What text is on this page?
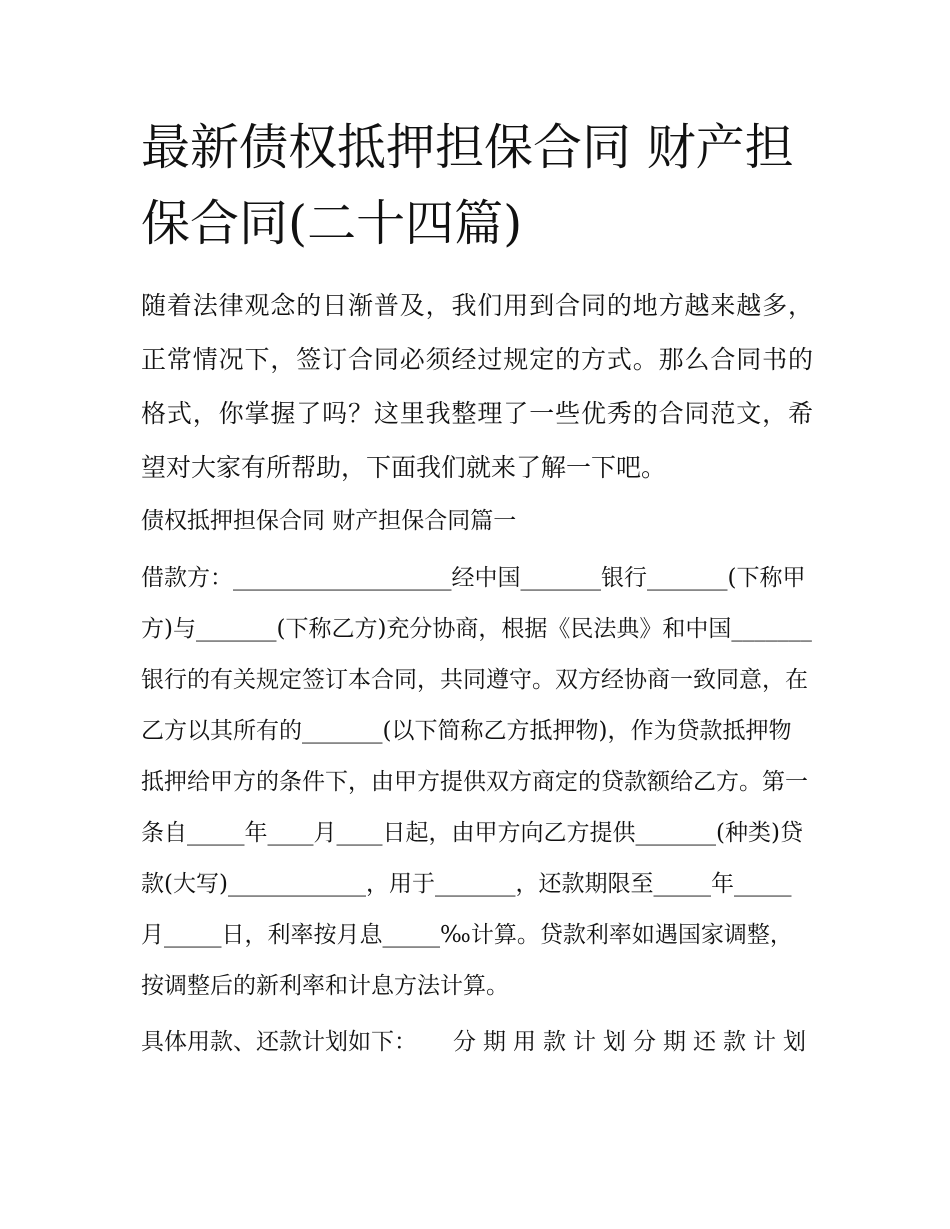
最新债权抵押担保合同 财产担保合同(二十四篇)

随着法律观念的日渐普及，我们用到合同的地方越来越多，正常情况下，签订合同必须经过规定的方式。那么合同书的格式，你掌握了吗？这里我整理了一些优秀的合同范文，希望对大家有所帮助，下面我们就来了解一下吧。

债权抵押担保合同 财产担保合同篇一

借款方：___________________经中国_______银行_______(下称甲方)与_______(下称乙方)充分协商，根据《民法典》和中国_______银行的有关规定签订本合同，共同遵守。双方经协商一致同意，在乙方以其所有的_______(以下简称乙方抵押物)，作为贷款抵押物抵押给甲方的条件下，由甲方提供双方商定的贷款额给乙方。第一条自_____年____月____日起，由甲方向乙方提供_______(种类)贷款(大写)____________，用于_______，还款期限至_____年_____月_____日，利率按月息_____‰计算。贷款利率如遇国家调整，按调整后的新利率和计息方法计算。

具体用款、还款计划如下： 分期用款计划分期还款计划
